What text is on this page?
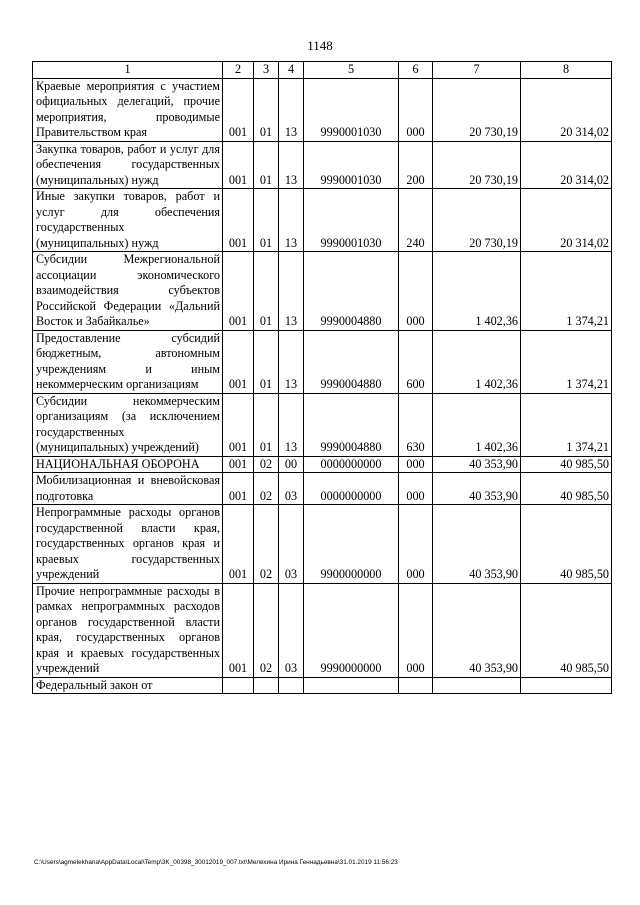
1148
1	2	3	4	5	6	7	8
Краевые мероприятия с участием официальных делегаций, прочие мероприятия, проводимые Правительством края	001	01	13	9990001030	000	20 730,19	20 314,02
Закупка товаров, работ и услуг для обеспечения государственных (муниципальных) нужд	001	01	13	9990001030	200	20 730,19	20 314,02
Иные закупки товаров, работ и услуг для обеспечения государственных (муниципальных) нужд	001	01	13	9990001030	240	20 730,19	20 314,02
Субсидии Межрегиональной ассоциации экономического взаимодействия субъектов Российской Федерации «Дальний Восток и Забайкалье»	001	01	13	9990004880	000	1 402,36	1 374,21
Предоставление субсидий бюджетным, автономным учреждениям и иным некоммерческим организациям	001	01	13	9990004880	600	1 402,36	1 374,21
Субсидии некоммерческим организациям (за исключением государственных (муниципальных) учреждений)	001	01	13	9990004880	630	1 402,36	1 374,21
НАЦИОНАЛЬНАЯ ОБОРОНА	001	02	00	0000000000	000	40 353,90	40 985,50
Мобилизационная и вневойсковая подготовка	001	02	03	0000000000	000	40 353,90	40 985,50
Непрограммные расходы органов государственной власти края, государственных органов края и краевых государственных учреждений	001	02	03	9900000000	000	40 353,90	40 985,50
Прочие непрограммные расходы в рамках непрограммных расходов органов государственной власти края, государственных органов края и краевых государственных учреждений	001	02	03	9990000000	000	40 353,90	40 985,50
Федеральный закон от							
C:\Users\agmelekhana\AppData\Local\Temp\3K_00398_30012019_007.txt\Мелехина Ирина Геннадьевна\31.01.2019 11:56:23
